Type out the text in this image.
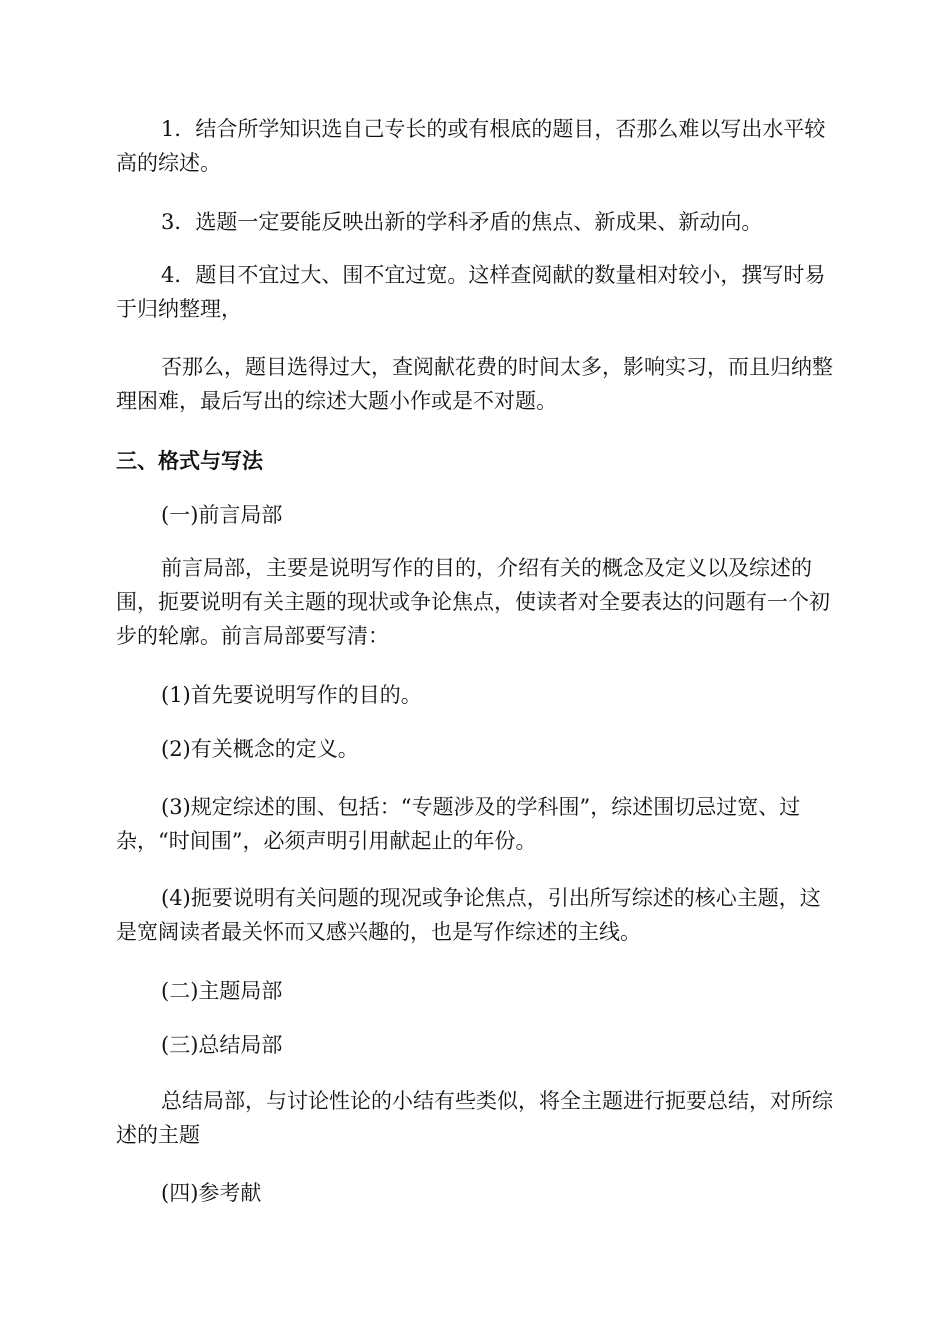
1．结合所学知识选自己专长的或有根底的题目，否那么难以写出水平较高的综述。

3．选题一定要能反映出新的学科矛盾的焦点、新成果、新动向。

4．题目不宜过大、围不宜过宽。这样查阅献的数量相对较小，撰写时易于归纳整理，

否那么，题目选得过大，查阅献花费的时间太多，影响实习，而且归纳整理困难，最后写出的综述大题小作或是不对题。

三、格式与写法

(一)前言局部

前言局部，主要是说明写作的目的，介绍有关的概念及定义以及综述的围，扼要说明有关主题的现状或争论焦点，使读者对全要表达的问题有一个初步的轮廓。前言局部要写清：

(1)首先要说明写作的目的。

(2)有关概念的定义。

(3)规定综述的围、包括：“专题涉及的学科围”，综述围切忌过宽、过杂，“时间围”，必须声明引用献起止的年份。

(4)扼要说明有关问题的现况或争论焦点，引出所写综述的核心主题，这是宽阔读者最关怀而又感兴趣的，也是写作综述的主线。

(二)主题局部

(三)总结局部

总结局部，与讨论性论的小结有些类似，将全主题进行扼要总结，对所综述的主题

(四)参考献
